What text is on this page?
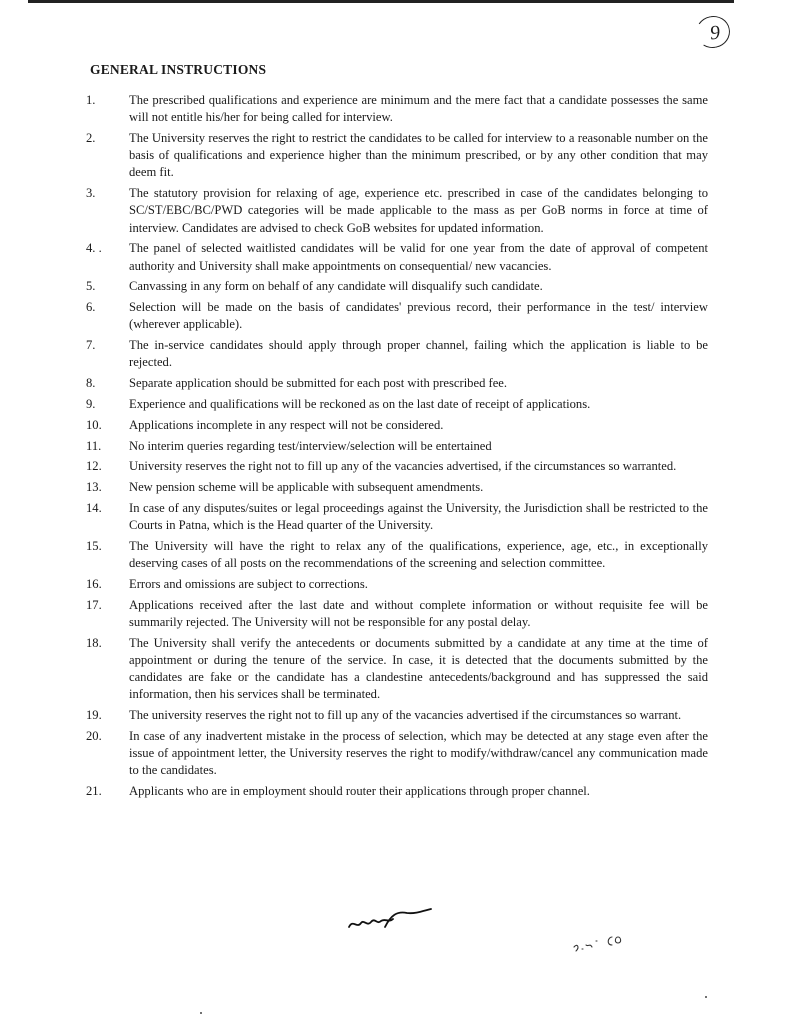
9
GENERAL INSTRUCTIONS
1.	The prescribed qualifications and experience are minimum and the mere fact that a candidate possesses the same will not entitle his/her for being called for interview.
2.	The University reserves the right to restrict the candidates to be called for interview to a reasonable number on the basis of qualifications and experience higher than the minimum prescribed, or by any other condition that may deem fit.
3.	The statutory provision for relaxing of age, experience etc. prescribed in case of the candidates belonging to SC/ST/EBC/BC/PWD categories will be made applicable to the mass as per GoB norms in force at time of interview. Candidates are advised to check GoB websites for updated information.
4. .	The panel of selected waitlisted candidates will be valid for one year from the date of approval of competent authority and University shall make appointments on consequential/ new vacancies.
5.	Canvassing in any form on behalf of any candidate will disqualify such candidate.
6.	Selection will be made on the basis of candidates' previous record, their performance in the test/ interview (wherever applicable).
7.	The in-service candidates should apply through proper channel, failing which the application is liable to be rejected.
8.	Separate application should be submitted for each post with prescribed fee.
9.	Experience and qualifications will be reckoned as on the last date of receipt of applications.
10.	Applications incomplete in any respect will not be considered.
11.	No interim queries regarding test/interview/selection will be entertained
12.	University reserves the right not to fill up any of the vacancies advertised, if the circumstances so warranted.
13.	New pension scheme will be applicable with subsequent amendments.
14.	In case of any disputes/suites or legal proceedings against the University, the Jurisdiction shall be restricted to the Courts in Patna, which is the Head quarter of the University.
15.	The University will have the right to relax any of the qualifications, experience, age, etc., in exceptionally deserving cases of all posts on the recommendations of the screening and selection committee.
16.	Errors and omissions are subject to corrections.
17.	Applications received after the last date and without complete information or without requisite fee will be summarily rejected. The University will not be responsible for any postal delay.
18.	The University shall verify the antecedents or documents submitted by a candidate at any time at the time of appointment or during the tenure of the service. In case, it is detected that the documents submitted by the candidates are fake or the candidate has a clandestine antecedents/background and has suppressed the said information, then his services shall be terminated.
19.	The university reserves the right not to fill up any of the vacancies advertised if the circumstances so warrant.
20.	In case of any inadvertent mistake in the process of selection, which may be detected at any stage even after the issue of appointment letter, the University reserves the right to modify/withdraw/cancel any communication made to the candidates.
21.	Applicants who are in employment should router their applications through proper channel.
